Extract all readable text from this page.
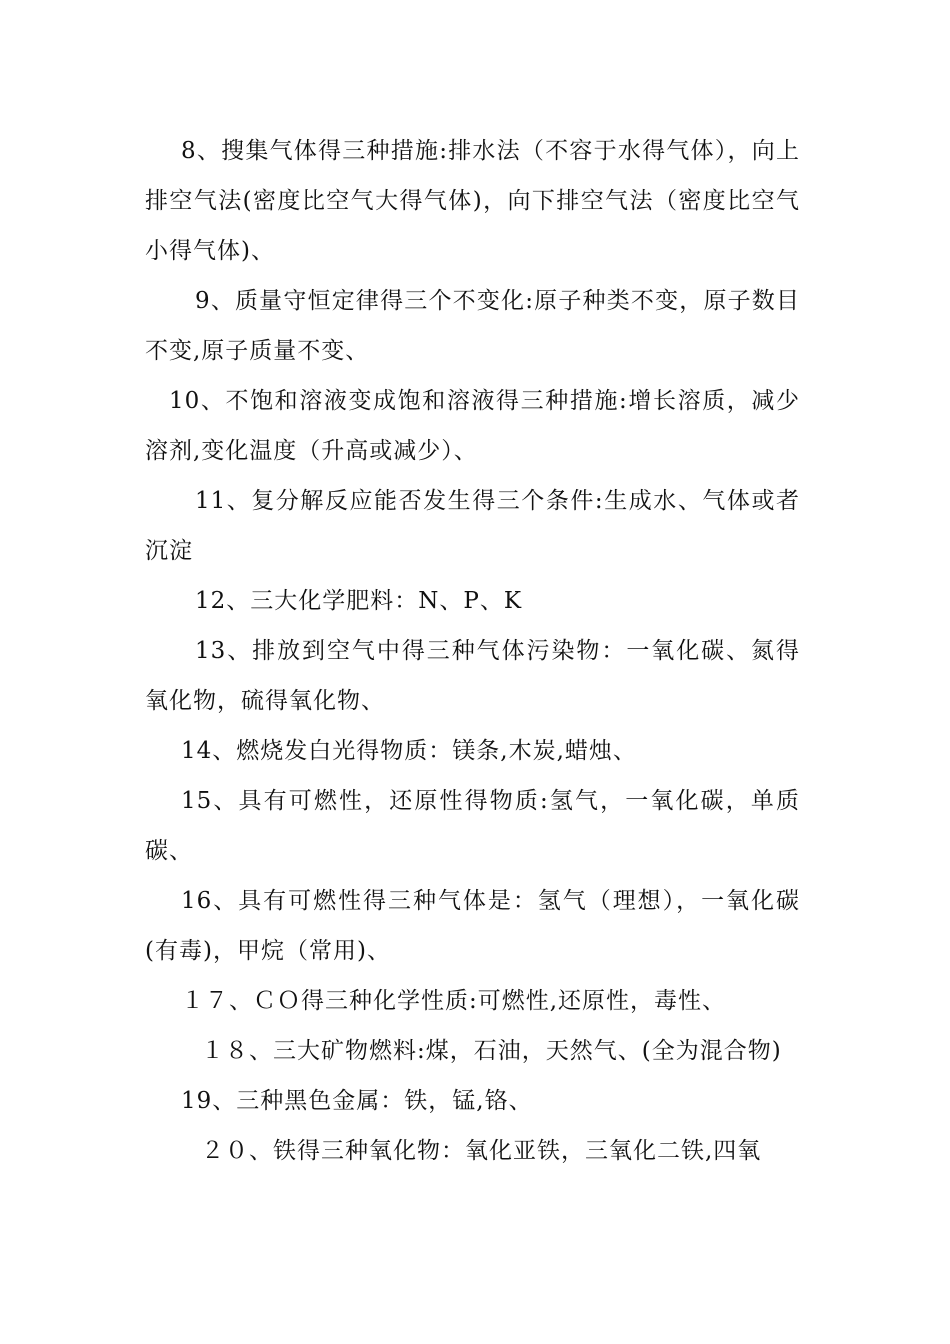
8、搜集气体得三种措施:排水法（不容于水得气体），向上排空气法(密度比空气大得气体)，向下排空气法（密度比空气小得气体)、

9、质量守恒定律得三个不变化:原子种类不变，原子数目不变,原子质量不变、

10、不饱和溶液变成饱和溶液得三种措施:增长溶质，减少溶剂,变化温度（升高或减少）、

11、复分解反应能否发生得三个条件:生成水、气体或者沉淀

12、三大化学肥料：N、P、K

13、排放到空气中得三种气体污染物：一氧化碳、氮得氧化物，硫得氧化物、

14、燃烧发白光得物质：镁条,木炭,蜡烛、

15、具有可燃性，还原性得物质:氢气，一氧化碳，单质碳、

16、具有可燃性得三种气体是：氢气（理想），一氧化碳(有毒)，甲烷（常用)、

１７、ＣＯ得三种化学性质:可燃性,还原性，毒性、

１８、三大矿物燃料:煤，石油，天然气、(全为混合物)

19、三种黑色金属：铁，锰,铬、

２０、铁得三种氧化物：氧化亚铁，三氧化二铁,四氧
